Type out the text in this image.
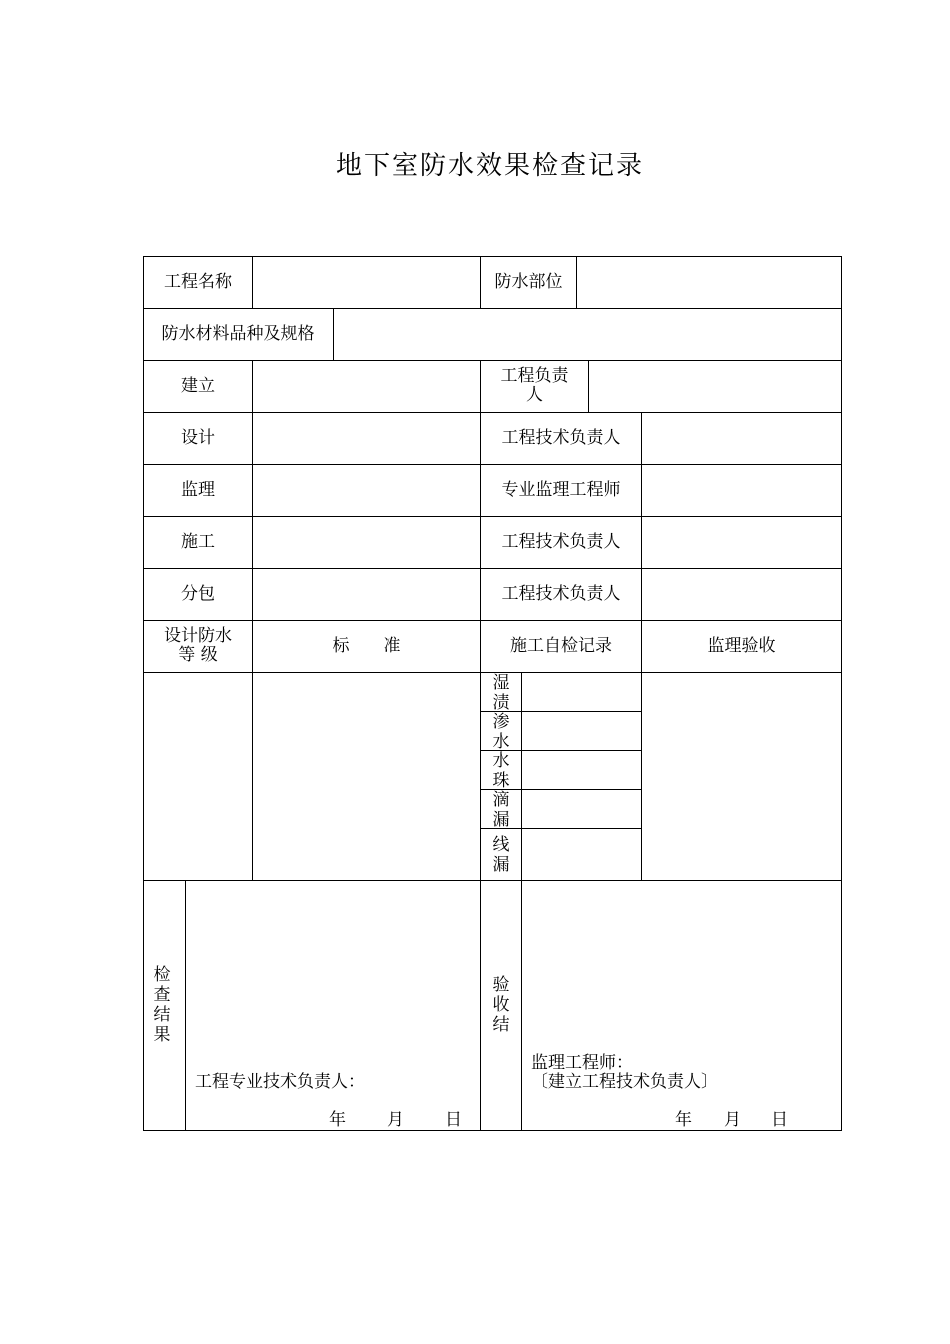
地下室防水效果检查记录
工程名称	防水部位
防水材料品种及规格
建立	工程负责人
设计	工程技术负责人
监理	专业监理工程师
施工	工程技术负责人
分包	工程技术负责人
设计防水等 级	标　　准	施工自检记录	监理验收
湿渍
渗水
水珠
滴漏
线漏
检查结果
工程专业技术负责人：
年 月 日
验收结
监理工程师：
〔建立工程技术负责人〕
年 月 日
